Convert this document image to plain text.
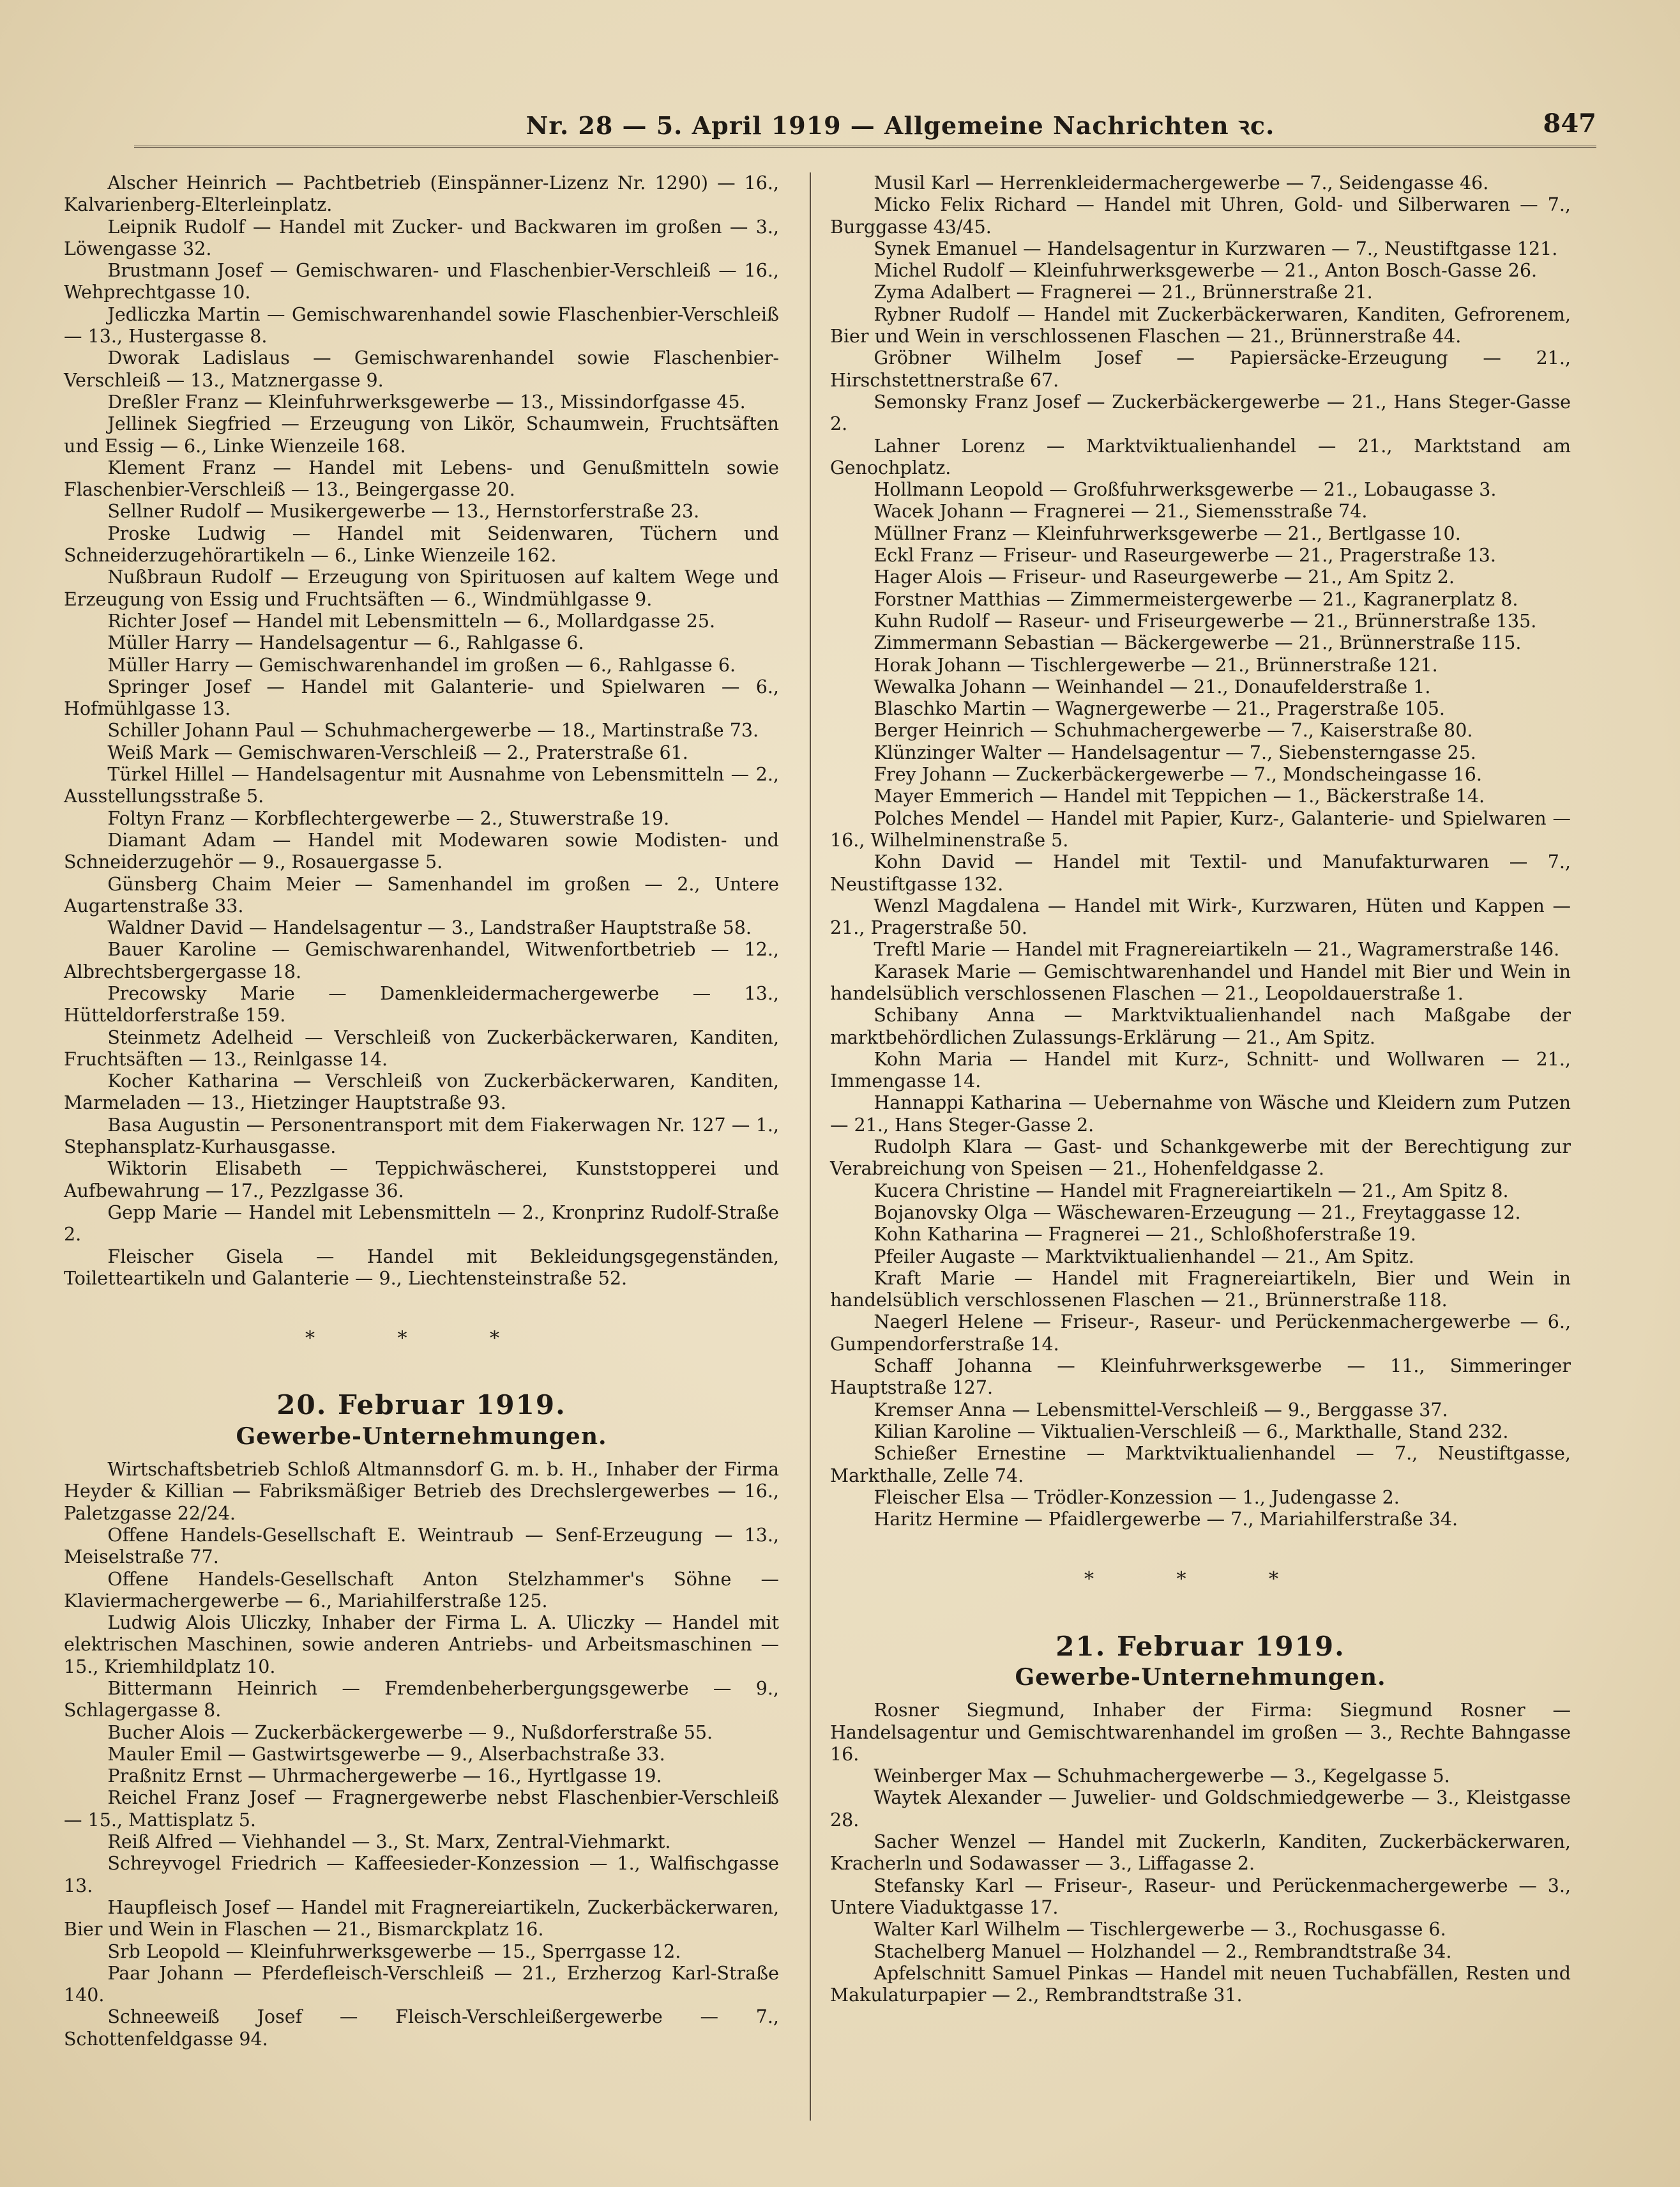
Nr. 28 — 5. April 1919 — Allgemeine Nachrichten ꝛc.	847

Alscher Heinrich — Pachtbetrieb (Einspänner-Lizenz Nr. 1290) — 16., Kalvarienberg-Elterleinplatz.

Leipnik Rudolf — Handel mit Zucker- und Backwaren im großen — 3., Löwengasse 32.

Brustmann Josef — Gemischwaren- und Flaschenbier-Verschleiß — 16., Wehprechtgasse 10.

Jedliczka Martin — Gemischwarenhandel sowie Flaschenbier-Verschleiß — 13., Hustergasse 8.

Dworak Ladislaus — Gemischwarenhandel sowie Flaschenbier-Verschleiß — 13., Matznergasse 9.

Dreßler Franz — Kleinfuhrwerksgewerbe — 13., Missindorfgasse 45.

Jellinek Siegfried — Erzeugung von Likör, Schaumwein, Fruchtsäften und Essig — 6., Linke Wienzeile 168.

Klement Franz — Handel mit Lebens- und Genußmitteln sowie Flaschenbier-Verschleiß — 13., Beingergasse 20.

Sellner Rudolf — Musikergewerbe — 13., Hernstorferstraße 23.

Proske Ludwig — Handel mit Seidenwaren, Tüchern und Schneiderzugehörartikeln — 6., Linke Wienzeile 162.

Nußbraun Rudolf — Erzeugung von Spirituosen auf kaltem Wege und Erzeugung von Essig und Fruchtsäften — 6., Windmühlgasse 9.

Richter Josef — Handel mit Lebensmitteln — 6., Mollardgasse 25.

Müller Harry — Handelsagentur — 6., Rahlgasse 6.

Müller Harry — Gemischwarenhandel im großen — 6., Rahlgasse 6.

Springer Josef — Handel mit Galanterie- und Spielwaren — 6., Hofmühlgasse 13.

Schiller Johann Paul — Schuhmachergewerbe — 18., Martinstraße 73.

Weiß Mark — Gemischwaren-Verschleiß — 2., Praterstraße 61.

Türkel Hillel — Handelsagentur mit Ausnahme von Lebensmitteln — 2., Ausstellungsstraße 5.

Foltyn Franz — Korbflechtergewerbe — 2., Stuwerstraße 19.

Diamant Adam — Handel mit Modewaren sowie Modisten- und Schneiderzugehör — 9., Rosauergasse 5.

Günsberg Chaim Meier — Samenhandel im großen — 2., Untere Augartenstraße 33.

Waldner David — Handelsagentur — 3., Landstraßer Hauptstraße 58.

Bauer Karoline — Gemischwarenhandel, Witwenfortbetrieb — 12., Albrechtsbergergasse 18.

Precowsky Marie — Damenkleidermachergewerbe — 13., Hütteldorferstraße 159.

Steinmetz Adelheid — Verschleiß von Zuckerbäckerwaren, Kanditen, Fruchtsäften — 13., Reinlgasse 14.

Kocher Katharina — Verschleiß von Zuckerbäckerwaren, Kanditen, Marmeladen — 13., Hietzinger Hauptstraße 93.

Basa Augustin — Personentransport mit dem Fiakerwagen Nr. 127 — 1., Stephansplatz-Kurhausgasse.

Wiktorin Elisabeth — Teppichwäscherei, Kunststopperei und Aufbewahrung — 17., Pezzlgasse 36.

Gepp Marie — Handel mit Lebensmitteln — 2., Kronprinz Rudolf-Straße 2.

Fleischer Gisela — Handel mit Bekleidungsgegenständen, Toiletteartikeln und Galanterie — 9., Liechtensteinstraße 52.

* * *
20. Februar 1919.
Gewerbe-Unternehmungen.

Wirtschaftsbetrieb Schloß Altmannsdorf G. m. b. H., Inhaber der Firma Heyder & Killian — Fabriksmäßiger Betrieb des Drechslergewerbes — 16., Paletzgasse 22/24.

Offene Handels-Gesellschaft E. Weintraub — Senf-Erzeugung — 13., Meiselstraße 77.

Offene Handels-Gesellschaft Anton Stelzhammer's Söhne — Klaviermachergewerbe — 6., Mariahilferstraße 125.

Ludwig Alois Uliczky, Inhaber der Firma L. A. Uliczky — Handel mit elektrischen Maschinen, sowie anderen Antriebs- und Arbeitsmaschinen — 15., Kriemhildplatz 10.

Bittermann Heinrich — Fremdenbeherbergungsgewerbe — 9., Schlagergasse 8.

Bucher Alois — Zuckerbäckergewerbe — 9., Nußdorferstraße 55.

Mauler Emil — Gastwirtsgewerbe — 9., Alserbachstraße 33.

Praßnitz Ernst — Uhrmachergewerbe — 16., Hyrtlgasse 19.

Reichel Franz Josef — Fragnergewerbe nebst Flaschenbier-Verschleiß — 15., Mattisplatz 5.

Reiß Alfred — Viehhandel — 3., St. Marx, Zentral-Viehmarkt.

Schreyvogel Friedrich — Kaffeesieder-Konzession — 1., Walfischgasse 13.

Haupfleisch Josef — Handel mit Fragnereiartikeln, Zuckerbäckerwaren, Bier und Wein in Flaschen — 21., Bismarckplatz 16.

Srb Leopold — Kleinfuhrwerksgewerbe — 15., Sperrgasse 12.

Paar Johann — Pferdefleisch-Verschleiß — 21., Erzherzog Karl-Straße 140.

Schneeweiß Josef — Fleisch-Verschleißergewerbe — 7., Schottenfeldgasse 94.

Musil Karl — Herrenkleidermachergewerbe — 7., Seidengasse 46.

Micko Felix Richard — Handel mit Uhren, Gold- und Silberwaren — 7., Burggasse 43/45.

Synek Emanuel — Handelsagentur in Kurzwaren — 7., Neustiftgasse 121.

Michel Rudolf — Kleinfuhrwerksgewerbe — 21., Anton Bosch-Gasse 26.

Zyma Adalbert — Fragnerei — 21., Brünnerstraße 21.

Rybner Rudolf — Handel mit Zuckerbäckerwaren, Kanditen, Gefrorenem, Bier und Wein in verschlossenen Flaschen — 21., Brünnerstraße 44.

Gröbner Wilhelm Josef — Papiersäcke-Erzeugung — 21., Hirschstettnerstraße 67.

Semonsky Franz Josef — Zuckerbäckergewerbe — 21., Hans Steger-Gasse 2.

Lahner Lorenz — Marktviktualienhandel — 21., Marktstand am Genochplatz.

Hollmann Leopold — Großfuhrwerksgewerbe — 21., Lobaugasse 3.

Wacek Johann — Fragnerei — 21., Siemensstraße 74.

Müllner Franz — Kleinfuhrwerksgewerbe — 21., Bertlgasse 10.

Eckl Franz — Friseur- und Raseurgewerbe — 21., Pragerstraße 13.

Hager Alois — Friseur- und Raseurgewerbe — 21., Am Spitz 2.

Forstner Matthias — Zimmermeistergewerbe — 21., Kagranerplatz 8.

Kuhn Rudolf — Raseur- und Friseurgewerbe — 21., Brünnerstraße 135.

Zimmermann Sebastian — Bäckergewerbe — 21., Brünnerstraße 115.

Horak Johann — Tischlergewerbe — 21., Brünnerstraße 121.

Wewalka Johann — Weinhandel — 21., Donaufelderstraße 1.

Blaschko Martin — Wagnergewerbe — 21., Pragerstraße 105.

Berger Heinrich — Schuhmachergewerbe — 7., Kaiserstraße 80.

Klünzinger Walter — Handelsagentur — 7., Siebensterngasse 25.

Frey Johann — Zuckerbäckergewerbe — 7., Mondscheingasse 16.

Mayer Emmerich — Handel mit Teppichen — 1., Bäckerstraße 14.

Polches Mendel — Handel mit Papier, Kurz-, Galanterie- und Spielwaren — 16., Wilhelminenstraße 5.

Kohn David — Handel mit Textil- und Manufakturwaren — 7., Neustiftgasse 132.

Wenzl Magdalena — Handel mit Wirk-, Kurzwaren, Hüten und Kappen — 21., Pragerstraße 50.

Treftl Marie — Handel mit Fragnereiartikeln — 21., Wagramerstraße 146.

Karasek Marie — Gemischtwarenhandel und Handel mit Bier und Wein in handelsüblich verschlossenen Flaschen — 21., Leopoldauerstraße 1.

Schibany Anna — Marktviktualienhandel nach Maßgabe der marktbehördlichen Zulassungs-Erklärung — 21., Am Spitz.

Kohn Maria — Handel mit Kurz-, Schnitt- und Wollwaren — 21., Immengasse 14.

Hannappi Katharina — Uebernahme von Wäsche und Kleidern zum Putzen — 21., Hans Steger-Gasse 2.

Rudolph Klara — Gast- und Schankgewerbe mit der Berechtigung zur Verabreichung von Speisen — 21., Hohenfeldgasse 2.

Kucera Christine — Handel mit Fragnereiartikeln — 21., Am Spitz 8.

Bojanovsky Olga — Wäschewaren-Erzeugung — 21., Freytaggasse 12.

Kohn Katharina — Fragnerei — 21., Schloßhoferstraße 19.

Pfeiler Augaste — Marktviktualienhandel — 21., Am Spitz.

Kraft Marie — Handel mit Fragnereiartikeln, Bier und Wein in handelsüblich verschlossenen Flaschen — 21., Brünnerstraße 118.

Naegerl Helene — Friseur-, Raseur- und Perückenmachergewerbe — 6., Gumpendorferstraße 14.

Schaff Johanna — Kleinfuhrwerksgewerbe — 11., Simmeringer Hauptstraße 127.

Kremser Anna — Lebensmittel-Verschleiß — 9., Berggasse 37.

Kilian Karoline — Viktualien-Verschleiß — 6., Markthalle, Stand 232.

Schießer Ernestine — Marktviktualienhandel — 7., Neustiftgasse, Markthalle, Zelle 74.

Fleischer Elsa — Trödler-Konzession — 1., Judengasse 2.

Haritz Hermine — Pfaidlergewerbe — 7., Mariahilferstraße 34.

* * *
21. Februar 1919.
Gewerbe-Unternehmungen.

Rosner Siegmund, Inhaber der Firma: Siegmund Rosner — Handelsagentur und Gemischtwarenhandel im großen — 3., Rechte Bahngasse 16.

Weinberger Max — Schuhmachergewerbe — 3., Kegelgasse 5.

Waytek Alexander — Juwelier- und Goldschmiedgewerbe — 3., Kleistgasse 28.

Sacher Wenzel — Handel mit Zuckerln, Kanditen, Zuckerbäckerwaren, Kracherln und Sodawasser — 3., Liffagasse 2.

Stefansky Karl — Friseur-, Raseur- und Perückenmachergewerbe — 3., Untere Viaduktgasse 17.

Walter Karl Wilhelm — Tischlergewerbe — 3., Rochusgasse 6.

Stachelberg Manuel — Holzhandel — 2., Rembrandtstraße 34.

Apfelschnitt Samuel Pinkas — Handel mit neuen Tuchabfällen, Resten und Makulaturpapier — 2., Rembrandtstraße 31.
